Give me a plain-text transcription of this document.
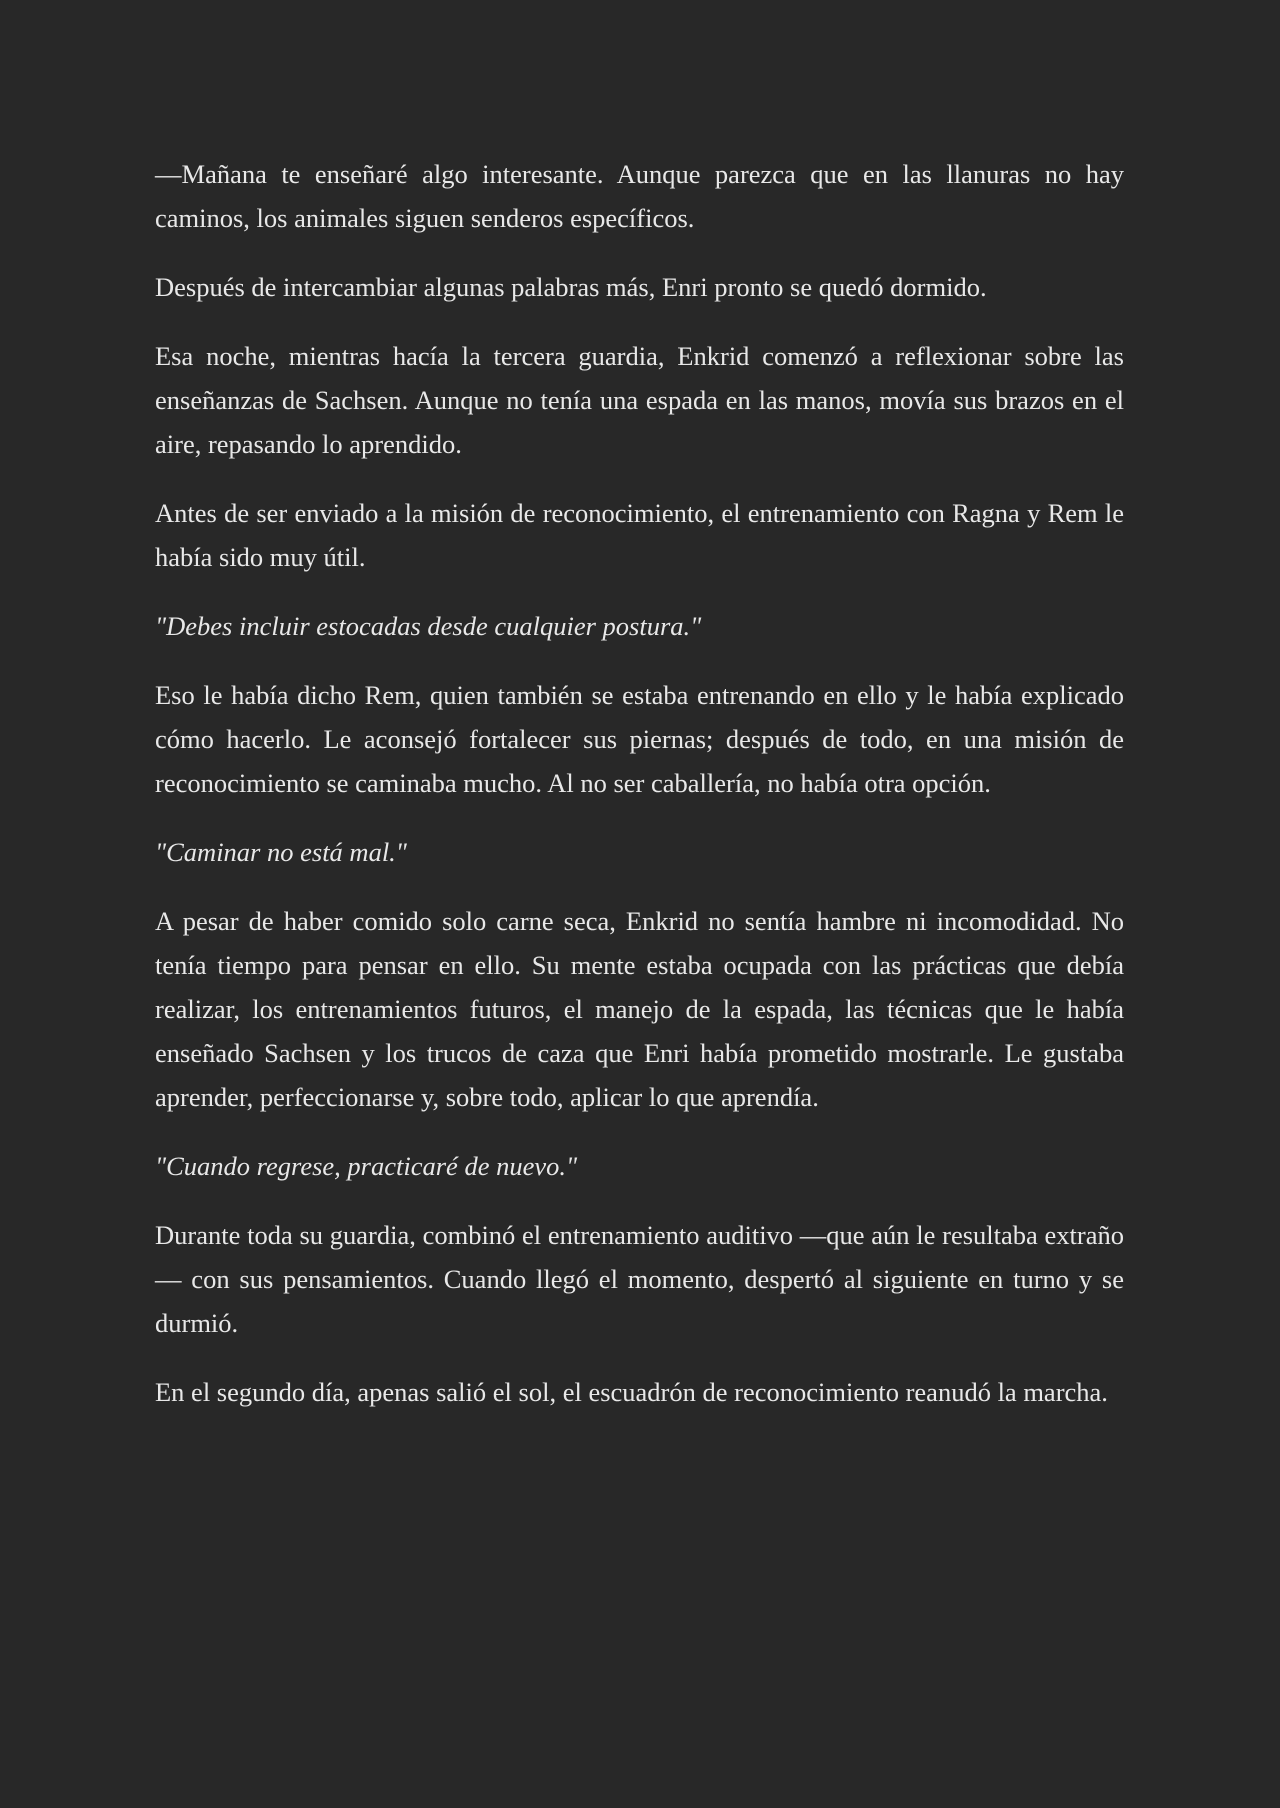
—Mañana te enseñaré algo interesante. Aunque parezca que en las llanuras no hay caminos, los animales siguen senderos específicos.

Después de intercambiar algunas palabras más, Enri pronto se quedó dormido.

Esa noche, mientras hacía la tercera guardia, Enkrid comenzó a reflexionar sobre las enseñanzas de Sachsen. Aunque no tenía una espada en las manos, movía sus brazos en el aire, repasando lo aprendido.

Antes de ser enviado a la misión de reconocimiento, el entrenamiento con Ragna y Rem le había sido muy útil.

"Debes incluir estocadas desde cualquier postura."

Eso le había dicho Rem, quien también se estaba entrenando en ello y le había explicado cómo hacerlo. Le aconsejó fortalecer sus piernas; después de todo, en una misión de reconocimiento se caminaba mucho. Al no ser caballería, no había otra opción.

"Caminar no está mal."

A pesar de haber comido solo carne seca, Enkrid no sentía hambre ni incomodidad. No tenía tiempo para pensar en ello. Su mente estaba ocupada con las prácticas que debía realizar, los entrenamientos futuros, el manejo de la espada, las técnicas que le había enseñado Sachsen y los trucos de caza que Enri había prometido mostrarle. Le gustaba aprender, perfeccionarse y, sobre todo, aplicar lo que aprendía.

"Cuando regrese, practicaré de nuevo."

Durante toda su guardia, combinó el entrenamiento auditivo —que aún le resultaba extraño— con sus pensamientos. Cuando llegó el momento, despertó al siguiente en turno y se durmió.

En el segundo día, apenas salió el sol, el escuadrón de reconocimiento reanudó la marcha.
